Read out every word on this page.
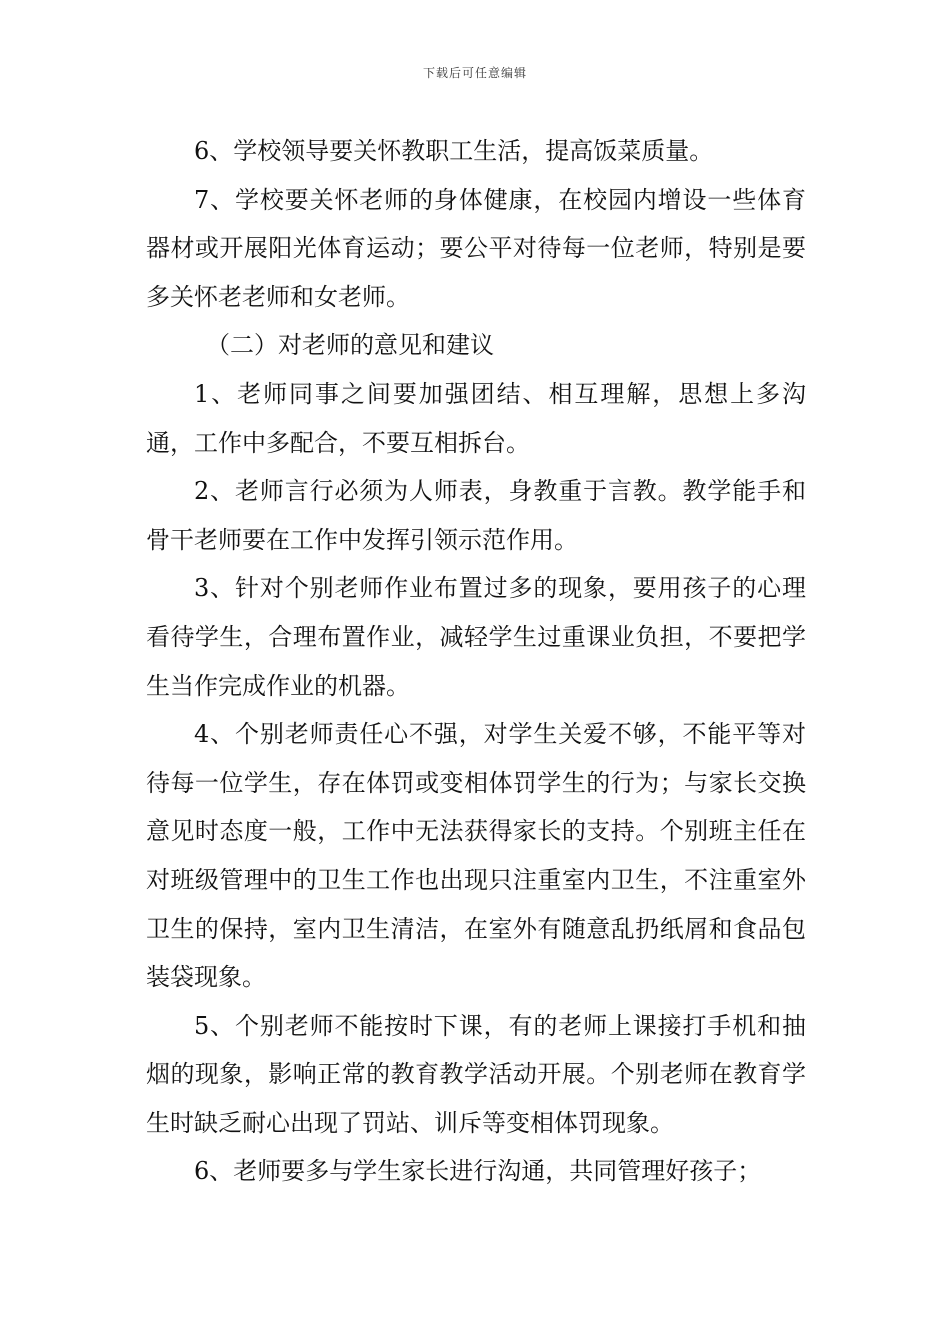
下载后可任意编辑

6、学校领导要关怀教职工生活，提高饭菜质量。

7、学校要关怀老师的身体健康，在校园内增设一些体育器材或开展阳光体育运动；要公平对待每一位老师，特别是要多关怀老老师和女老师。

（二）对老师的意见和建议

1、老师同事之间要加强团结、相互理解，思想上多沟通，工作中多配合，不要互相拆台。

2、老师言行必须为人师表，身教重于言教。教学能手和骨干老师要在工作中发挥引领示范作用。

3、针对个别老师作业布置过多的现象，要用孩子的心理看待学生，合理布置作业，减轻学生过重课业负担，不要把学生当作完成作业的机器。

4、个别老师责任心不强，对学生关爱不够，不能平等对待每一位学生，存在体罚或变相体罚学生的行为；与家长交换意见时态度一般，工作中无法获得家长的支持。个别班主任在对班级管理中的卫生工作也出现只注重室内卫生，不注重室外卫生的保持，室内卫生清洁，在室外有随意乱扔纸屑和食品包装袋现象。

5、个别老师不能按时下课，有的老师上课接打手机和抽烟的现象，影响正常的教育教学活动开展。个别老师在教育学生时缺乏耐心出现了罚站、训斥等变相体罚现象。

6、老师要多与学生家长进行沟通，共同管理好孩子；
